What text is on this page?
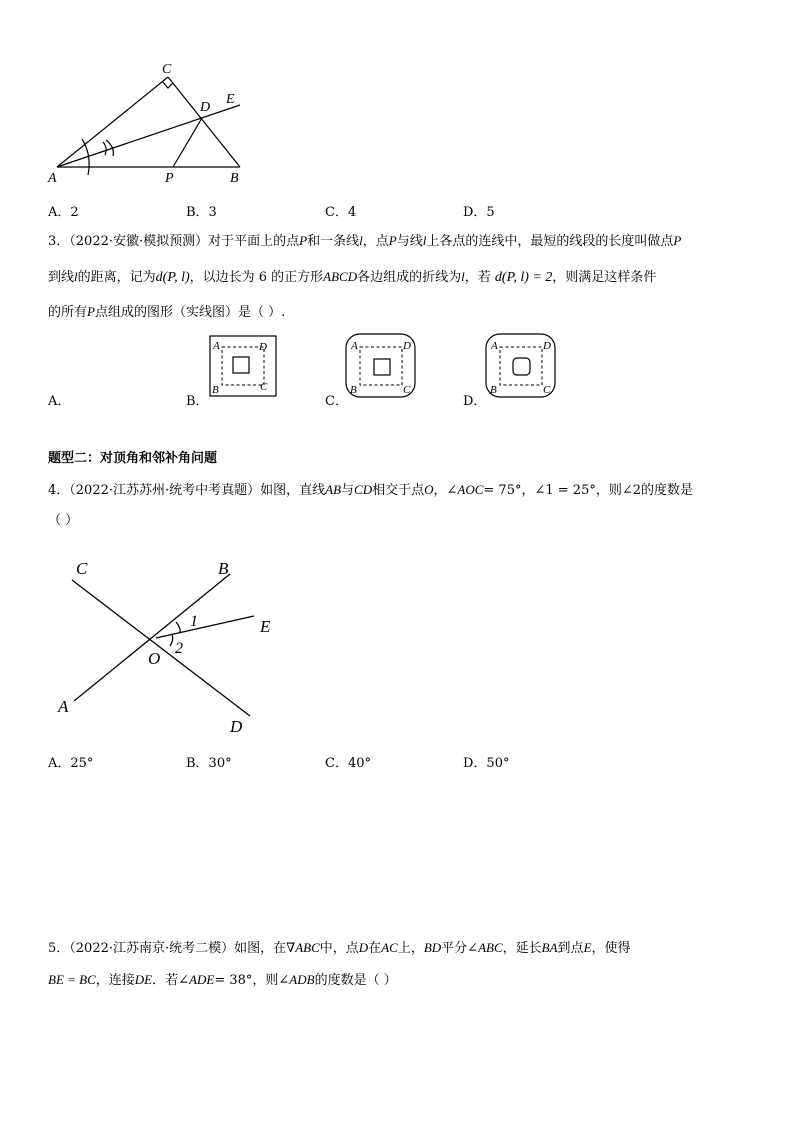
C
D
E
A	P	B
A．2	B．3	C．4	D．5
3．（2022·安徽·模拟预测）对于平面上的点P和一条线l，点P与线l上各点的连线中，最短的线段的长度叫做点P
到线l的距离，记为d(P, l)，以边长为 6 的正方形ABCD各边组成的折线为l，若 d(P, l) = 2，则满足这样条件
的所有P点组成的图形（实线图）是（ ）.
A．	B．	C．	D．
A	D
B	C
A	D
B	C
A	D
B	C
题型二：对顶角和邻补角问题
4．（2022·江苏苏州·统考中考真题）如图，直线AB与CD相交于点O，∠AOC= 75°，∠1 = 25°，则∠2的度数是
（ ）
C	B
E
1
2
O
A
D
A．25°	B．30°	C．40°	D．50°
5．（2022·江苏南京·统考二模）如图，在∇ABC中，点D在AC上，BD平分∠ABC，延长BA到点E，使得
BE = BC，连接DE．若∠ADE= 38°，则∠ADB的度数是（ ）
